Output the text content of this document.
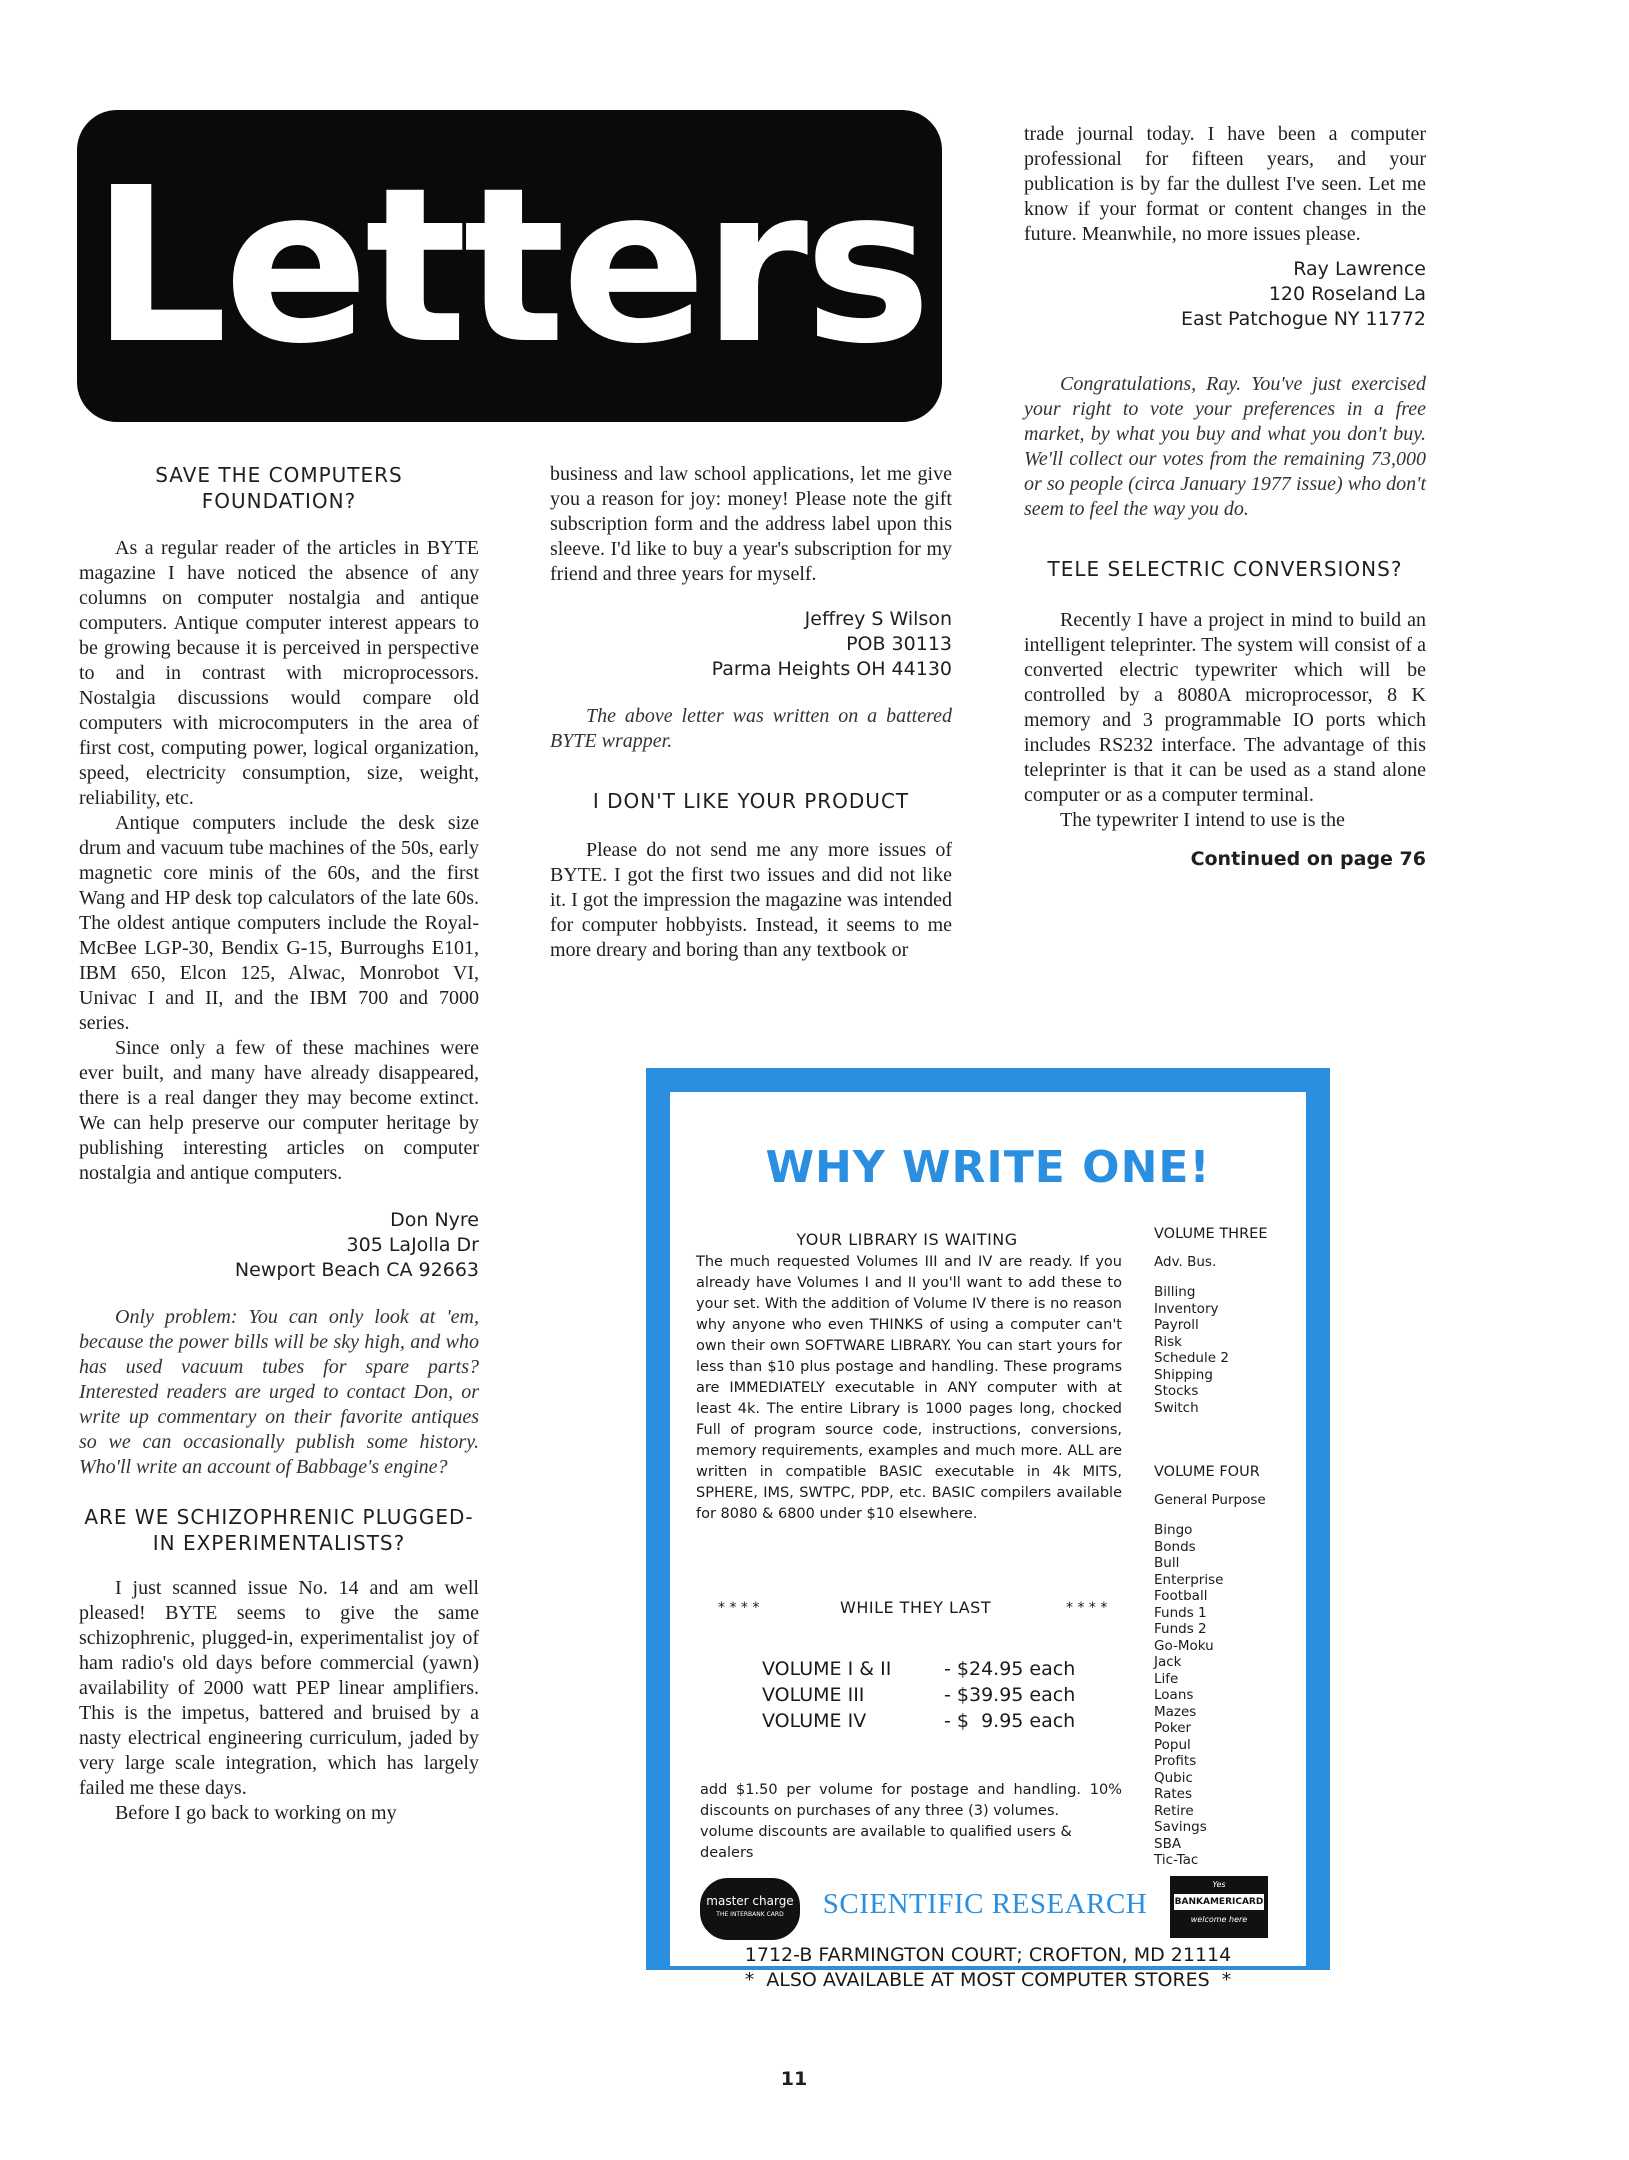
Letters
SAVE THE COMPUTERS FOUNDATION?

As a regular reader of the articles in BYTE magazine I have noticed the absence of any columns on computer nostalgia and antique computers. Antique computer interest appears to be growing because it is perceived in perspective to and in contrast with microprocessors. Nostalgia discussions would compare old computers with microcomputers in the area of first cost, computing power, logical organization, speed, electricity consumption, size, weight, reliability, etc.

Antique computers include the desk size drum and vacuum tube machines of the 50s, early magnetic core minis of the 60s, and the first Wang and HP desk top calculators of the late 60s. The oldest antique computers include the Royal-McBee LGP-30, Bendix G-15, Burroughs E101, IBM 650, Elcon 125, Alwac, Monrobot VI, Univac I and II, and the IBM 700 and 7000 series.

Since only a few of these machines were ever built, and many have already disappeared, there is a real danger they may become extinct. We can help preserve our computer heritage by publishing interesting articles on computer nostalgia and antique computers.

Don Nyre
305 LaJolla Dr
Newport Beach CA 92663

Only problem: You can only look at 'em, because the power bills will be sky high, and who has used vacuum tubes for spare parts? Interested readers are urged to contact Don, or write up commentary on their favorite antiques so we can occasionally publish some history. Who'll write an account of Babbage's engine?

ARE WE SCHIZOPHRENIC PLUGGED-IN EXPERIMENTALISTS?

I just scanned issue No. 14 and am well pleased! BYTE seems to give the same schizophrenic, plugged-in, experimentalist joy of ham radio's old days before commercial (yawn) availability of 2000 watt PEP linear amplifiers. This is the impetus, battered and bruised by a nasty electrical engineering curriculum, jaded by very large scale integration, which has largely failed me these days.

Before I go back to working on my

business and law school applications, let me give you a reason for joy: money! Please note the gift subscription form and the address label upon this sleeve. I'd like to buy a year's subscription for my friend and three years for myself.

Jeffrey S Wilson
POB 30113
Parma Heights OH 44130

The above letter was written on a battered BYTE wrapper.

I DON'T LIKE YOUR PRODUCT

Please do not send me any more issues of BYTE. I got the first two issues and did not like it. I got the impression the magazine was intended for computer hobbyists. Instead, it seems to me more dreary and boring than any textbook or

trade journal today. I have been a computer professional for fifteen years, and your publication is by far the dullest I've seen. Let me know if your format or content changes in the future. Meanwhile, no more issues please.

Ray Lawrence
120 Roseland La
East Patchogue NY 11772

Congratulations, Ray. You've just exercised your right to vote your preferences in a free market, by what you buy and what you don't buy. We'll collect our votes from the remaining 73,000 or so people (circa January 1977 issue) who don't seem to feel the way you do.

TELE SELECTRIC CONVERSIONS?

Recently I have a project in mind to build an intelligent teleprinter. The system will consist of a converted electric typewriter which will be controlled by a 8080A microprocessor, 8 K memory and 3 programmable IO ports which includes RS232 interface. The advantage of this teleprinter is that it can be used as a stand alone computer or as a computer terminal.

The typewriter I intend to use is the

Continued on page 76
WHY WRITE ONE!
YOUR LIBRARY IS WAITING
The much requested Volumes III and IV are ready. If you already have Volumes I and II you'll want to add these to your set. With the addition of Volume IV there is no reason why anyone who even THINKS of using a computer can't own their own SOFTWARE LIBRARY. You can start yours for less than $10 plus postage and handling. These programs are IMMEDIATELY executable in ANY computer with at least 4k. The entire Library is 1000 pages long, chocked Full of program source code, instructions, conversions, memory requirements, examples and much more. ALL are written in compatible BASIC executable in 4k MITS, SPHERE, IMS, SWTPC, PDP, etc. BASIC compilers available for 8080 & 6800 under $10 elsewhere.
* * * *	WHILE THEY LAST	* * * *
VOLUME I & II	- $24.95 each
VOLUME III	- $39.95 each
VOLUME IV	- $  9.95 each
add $1.50 per volume for postage and handling. 10% discounts on purchases of any three (3) volumes.
volume discounts are available to qualified users & dealers
VOLUME THREE
Adv. Bus.
Billing
Inventory
Payroll
Risk
Schedule 2
Shipping
Stocks
Switch
VOLUME FOUR
General Purpose
Bingo
Bonds
Bull
Enterprise
Football
Funds 1
Funds 2
Go-Moku
Jack
Life
Loans
Mazes
Poker
Popul
Profits
Qubic
Rates
Retire
Savings
SBA
Tic-Tac
master charge
THE INTERBANK CARD	SCIENTIFIC RESEARCH
Yes
BANKAMERICARD
welcome here
1712-B FARMINGTON COURT; CROFTON, MD 21114
*  ALSO AVAILABLE AT MOST COMPUTER STORES  *
11
